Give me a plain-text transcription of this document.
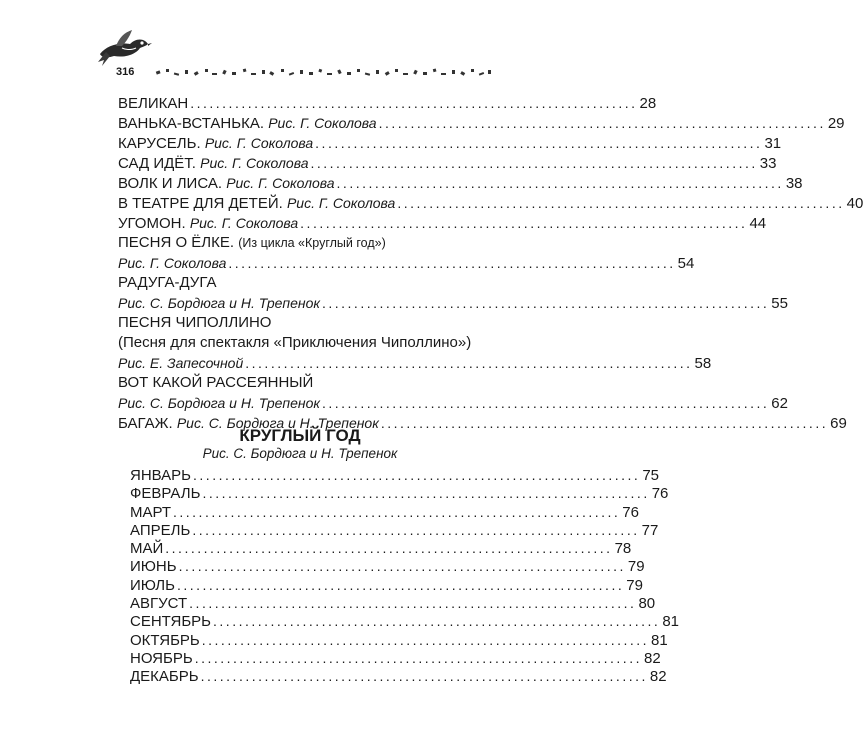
316
ВЕЛИКАН ...................................................................... 28
ВАНЬКА-ВСТАНЬКА. Рис. Г. Соколова ...................................................................... 29
КАРУСЕЛЬ. Рис. Г. Соколова ...................................................................... 31
САД ИДЁТ. Рис. Г. Соколова ...................................................................... 33
ВОЛК И ЛИСА. Рис. Г. Соколова ...................................................................... 38
В ТЕАТРЕ ДЛЯ ДЕТЕЙ. Рис. Г. Соколова ...................................................................... 40
УГОМОН. Рис. Г. Соколова ...................................................................... 44
ПЕСНЯ О ЁЛКЕ. (Из цикла «Круглый год»)
Рис. Г. Соколова ...................................................................... 54
РАДУГА-ДУГА
Рис. С. Бордюга и Н. Трепенок ...................................................................... 55
ПЕСНЯ ЧИПОЛЛИНО
(Песня для спектакля «Приключения Чиполлино»)
Рис. Е. Запесочной ...................................................................... 58
ВОТ КАКОЙ РАССЕЯННЫЙ
Рис. С. Бордюга и Н. Трепенок ...................................................................... 62
БАГАЖ. Рис. С. Бордюга и Н. Трепенок ...................................................................... 69
КРУГЛЫЙ ГОД
Рис. С. Бордюга и Н. Трепенок
ЯНВАРЬ ...................................................................... 75
ФЕВРАЛЬ ...................................................................... 76
МАРТ ...................................................................... 76
АПРЕЛЬ ...................................................................... 77
МАЙ ...................................................................... 78
ИЮНЬ ...................................................................... 79
ИЮЛЬ ...................................................................... 79
АВГУСТ ...................................................................... 80
СЕНТЯБРЬ ...................................................................... 81
ОКТЯБРЬ ...................................................................... 81
НОЯБРЬ ...................................................................... 82
ДЕКАБРЬ ...................................................................... 82
